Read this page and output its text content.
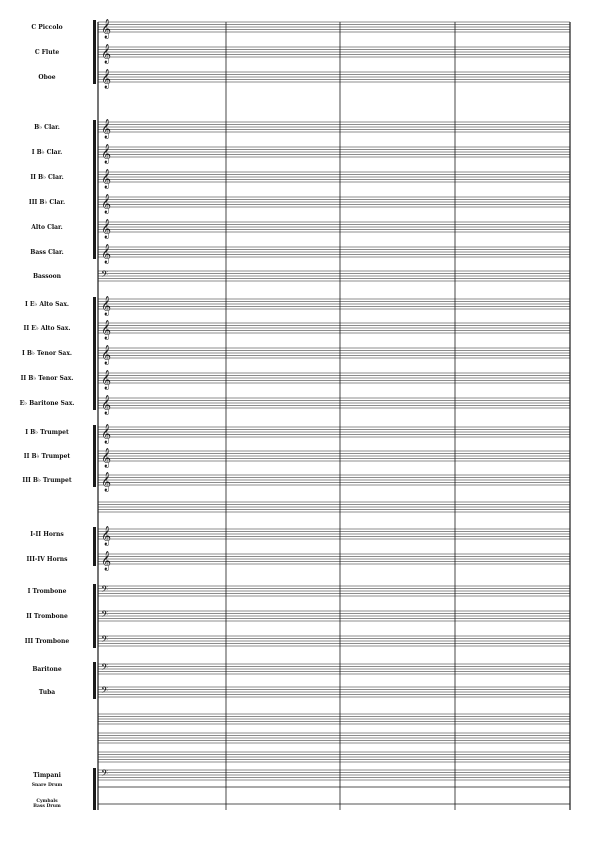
C Piccolo
C Flute
Oboe
B♭ Clar.
I B♭ Clar.
II B♭ Clar.
III B♭ Clar.
Alto Clar.
Bass Clar.
Bassoon
I E♭ Alto Sax.
II E♭ Alto Sax.
I B♭ Tenor Sax.
II B♭ Tenor Sax.
E♭ Baritone Sax.
I B♭ Trumpet
II B♭ Trumpet
III B♭ Trumpet
I-II Horns
III-IV Horns
I Trombone
II Trombone
III Trombone
Baritone
Tuba
Timpani
Snare Drum
Cymbals
Bass Drum
𝄞
𝄞
𝄞
𝄞
𝄞
𝄞
𝄞
𝄞
𝄞
𝄢
𝄞
𝄞
𝄞
𝄞
𝄞
𝄞
𝄞
𝄞
𝄞
𝄞
𝄢
𝄢
𝄢
𝄢
𝄢
𝄢
